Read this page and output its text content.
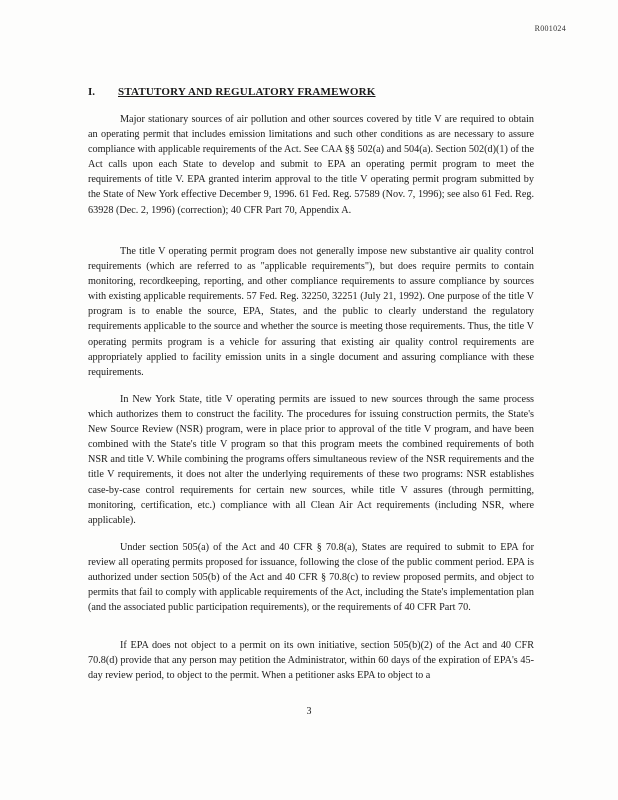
R001024
I. STATUTORY AND REGULATORY FRAMEWORK

Major stationary sources of air pollution and other sources covered by title V are required to obtain an operating permit that includes emission limitations and such other conditions as are necessary to assure compliance with applicable requirements of the Act. See CAA §§ 502(a) and 504(a). Section 502(d)(1) of the Act calls upon each State to develop and submit to EPA an operating permit program to meet the requirements of title V. EPA granted interim approval to the title V operating permit program submitted by the State of New York effective December 9, 1996. 61 Fed. Reg. 57589 (Nov. 7, 1996); see also 61 Fed. Reg. 63928 (Dec. 2, 1996) (correction); 40 CFR Part 70, Appendix A.

The title V operating permit program does not generally impose new substantive air quality control requirements (which are referred to as "applicable requirements"), but does require permits to contain monitoring, recordkeeping, reporting, and other compliance requirements to assure compliance by sources with existing applicable requirements. 57 Fed. Reg. 32250, 32251 (July 21, 1992). One purpose of the title V program is to enable the source, EPA, States, and the public to clearly understand the regulatory requirements applicable to the source and whether the source is meeting those requirements. Thus, the title V operating permits program is a vehicle for assuring that existing air quality control requirements are appropriately applied to facility emission units in a single document and assuring compliance with these requirements.

In New York State, title V operating permits are issued to new sources through the same process which authorizes them to construct the facility. The procedures for issuing construction permits, the State's New Source Review (NSR) program, were in place prior to approval of the title V program, and have been combined with the State's title V program so that this program meets the combined requirements of both NSR and title V. While combining the programs offers simultaneous review of the NSR requirements and the title V requirements, it does not alter the underlying requirements of these two programs: NSR establishes case-by-case control requirements for certain new sources, while title V assures (through permitting, monitoring, certification, etc.) compliance with all Clean Air Act requirements (including NSR, where applicable).

Under section 505(a) of the Act and 40 CFR § 70.8(a), States are required to submit to EPA for review all operating permits proposed for issuance, following the close of the public comment period. EPA is authorized under section 505(b) of the Act and 40 CFR § 70.8(c) to review proposed permits, and object to permits that fail to comply with applicable requirements of the Act, including the State's implementation plan (and the associated public participation requirements), or the requirements of 40 CFR Part 70.

If EPA does not object to a permit on its own initiative, section 505(b)(2) of the Act and 40 CFR 70.8(d) provide that any person may petition the Administrator, within 60 days of the expiration of EPA's 45-day review period, to object to the permit. When a petitioner asks EPA to object to a

3
